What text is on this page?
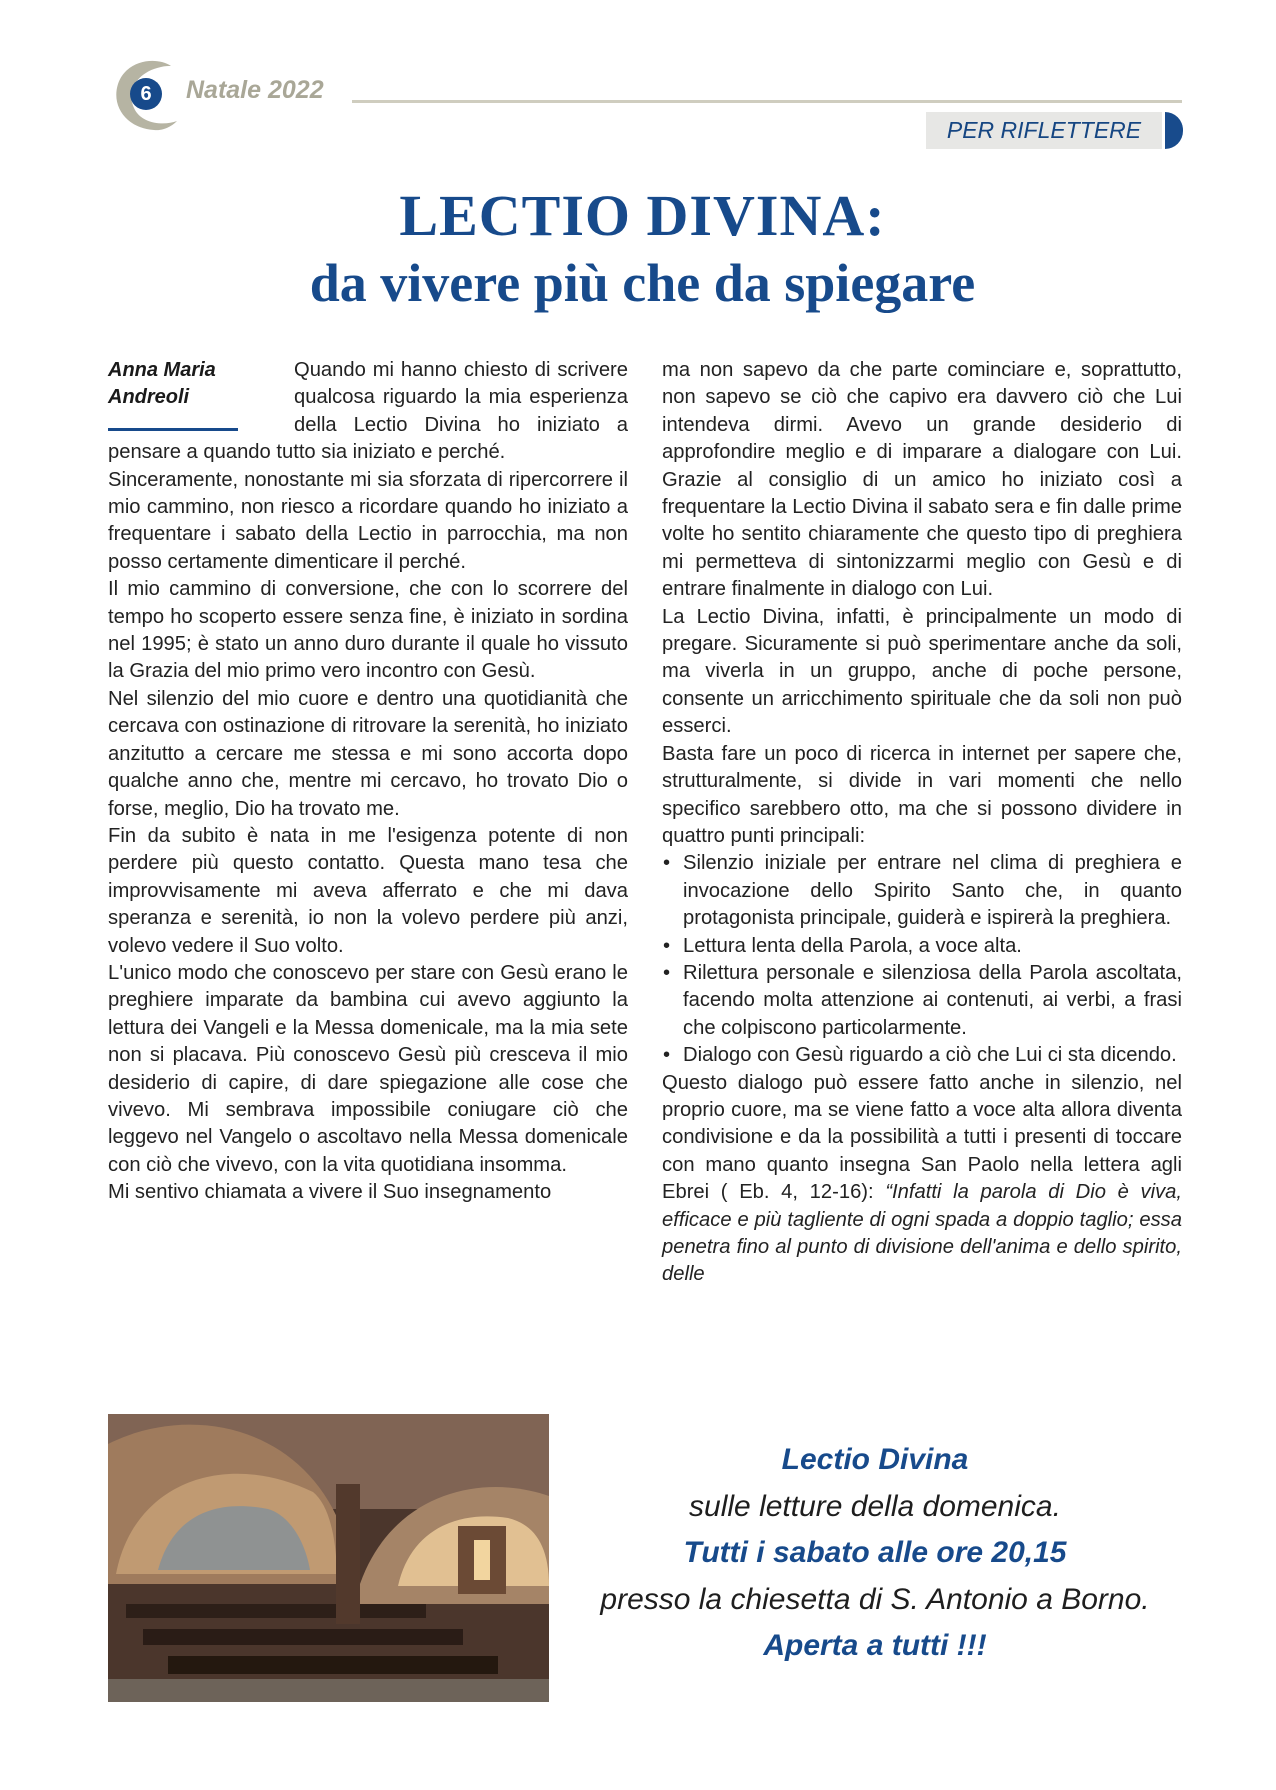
6	Natale 2022
PER RIFLETTERE
LECTIO DIVINA:
da vivere più che da spiegare
Anna Maria
Andreoli

Quando mi hanno chiesto di scrivere qualcosa riguardo la mia esperienza della Lectio Divina ho iniziato a pensare a quando tutto sia iniziato e perché.

Sinceramente, nonostante mi sia sforzata di ripercorrere il mio cammino, non riesco a ricordare quando ho iniziato a frequentare i sabato della Lectio in parrocchia, ma non posso certamente dimenticare il perché.

Il mio cammino di conversione, che con lo scorrere del tempo ho scoperto essere senza fine, è iniziato in sordina nel 1995; è stato un anno duro durante il quale ho vissuto la Grazia del mio primo vero incontro con Gesù.

Nel silenzio del mio cuore e dentro una quotidianità che cercava con ostinazione di ritrovare la serenità, ho iniziato anzitutto a cercare me stessa e mi sono accorta dopo qualche anno che, mentre mi cercavo, ho trovato Dio o forse, meglio, Dio ha trovato me.

Fin da subito è nata in me l'esigenza potente di non perdere più questo contatto. Questa mano tesa che improvvisamente mi aveva afferrato e che mi dava speranza e serenità, io non la volevo perdere più anzi, volevo vedere il Suo volto.

L'unico modo che conoscevo per stare con Gesù erano le preghiere imparate da bambina cui avevo aggiunto la lettura dei Vangeli e la Messa domenicale, ma la mia sete non si placava. Più conoscevo Gesù più cresceva il mio desiderio di capire, di dare spiegazione alle cose che vivevo. Mi sembrava impossibile coniugare ciò che leggevo nel Vangelo o ascoltavo nella Messa domenicale con ciò che vivevo, con la vita quotidiana insomma.

Mi sentivo chiamata a vivere il Suo insegnamento

ma non sapevo da che parte cominciare e, soprattutto, non sapevo se ciò che capivo era davvero ciò che Lui intendeva dirmi. Avevo un grande desiderio di approfondire meglio e di imparare a dialogare con Lui. Grazie al consiglio di un amico ho iniziato così a frequentare la Lectio Divina il sabato sera e fin dalle prime volte ho sentito chiaramente che questo tipo di preghiera mi permetteva di sintonizzarmi meglio con Gesù e di entrare finalmente in dialogo con Lui.

La Lectio Divina, infatti, è principalmente un modo di pregare. Sicuramente si può sperimentare anche da soli, ma viverla in un gruppo, anche di poche persone, consente un arricchimento spirituale che da soli non può esserci.

Basta fare un poco di ricerca in internet per sapere che, strutturalmente, si divide in vari momenti che nello specifico sarebbero otto, ma che si possono dividere in quattro punti principali:

• Silenzio iniziale per entrare nel clima di preghiera e invocazione dello Spirito Santo che, in quanto protagonista principale, guiderà e ispirerà la preghiera.
• Lettura lenta della Parola, a voce alta.
• Rilettura personale e silenziosa della Parola ascoltata, facendo molta attenzione ai contenuti, ai verbi, a frasi che colpiscono particolarmente.
• Dialogo con Gesù riguardo a ciò che Lui ci sta dicendo.

Questo dialogo può essere fatto anche in silenzio, nel proprio cuore, ma se viene fatto a voce alta allora diventa condivisione e da la possibilità a tutti i presenti di toccare con mano quanto insegna San Paolo nella lettera agli Ebrei ( Eb. 4, 12-16): “Infatti la parola di Dio è viva, efficace e più tagliente di ogni spada a doppio taglio; essa penetra fino al punto di divisione dell'anima e dello spirito, delle

Lectio Divina
sulle letture della domenica.
Tutti i sabato alle ore 20,15
presso la chiesetta di S. Antonio a Borno.
Aperta a tutti !!!
